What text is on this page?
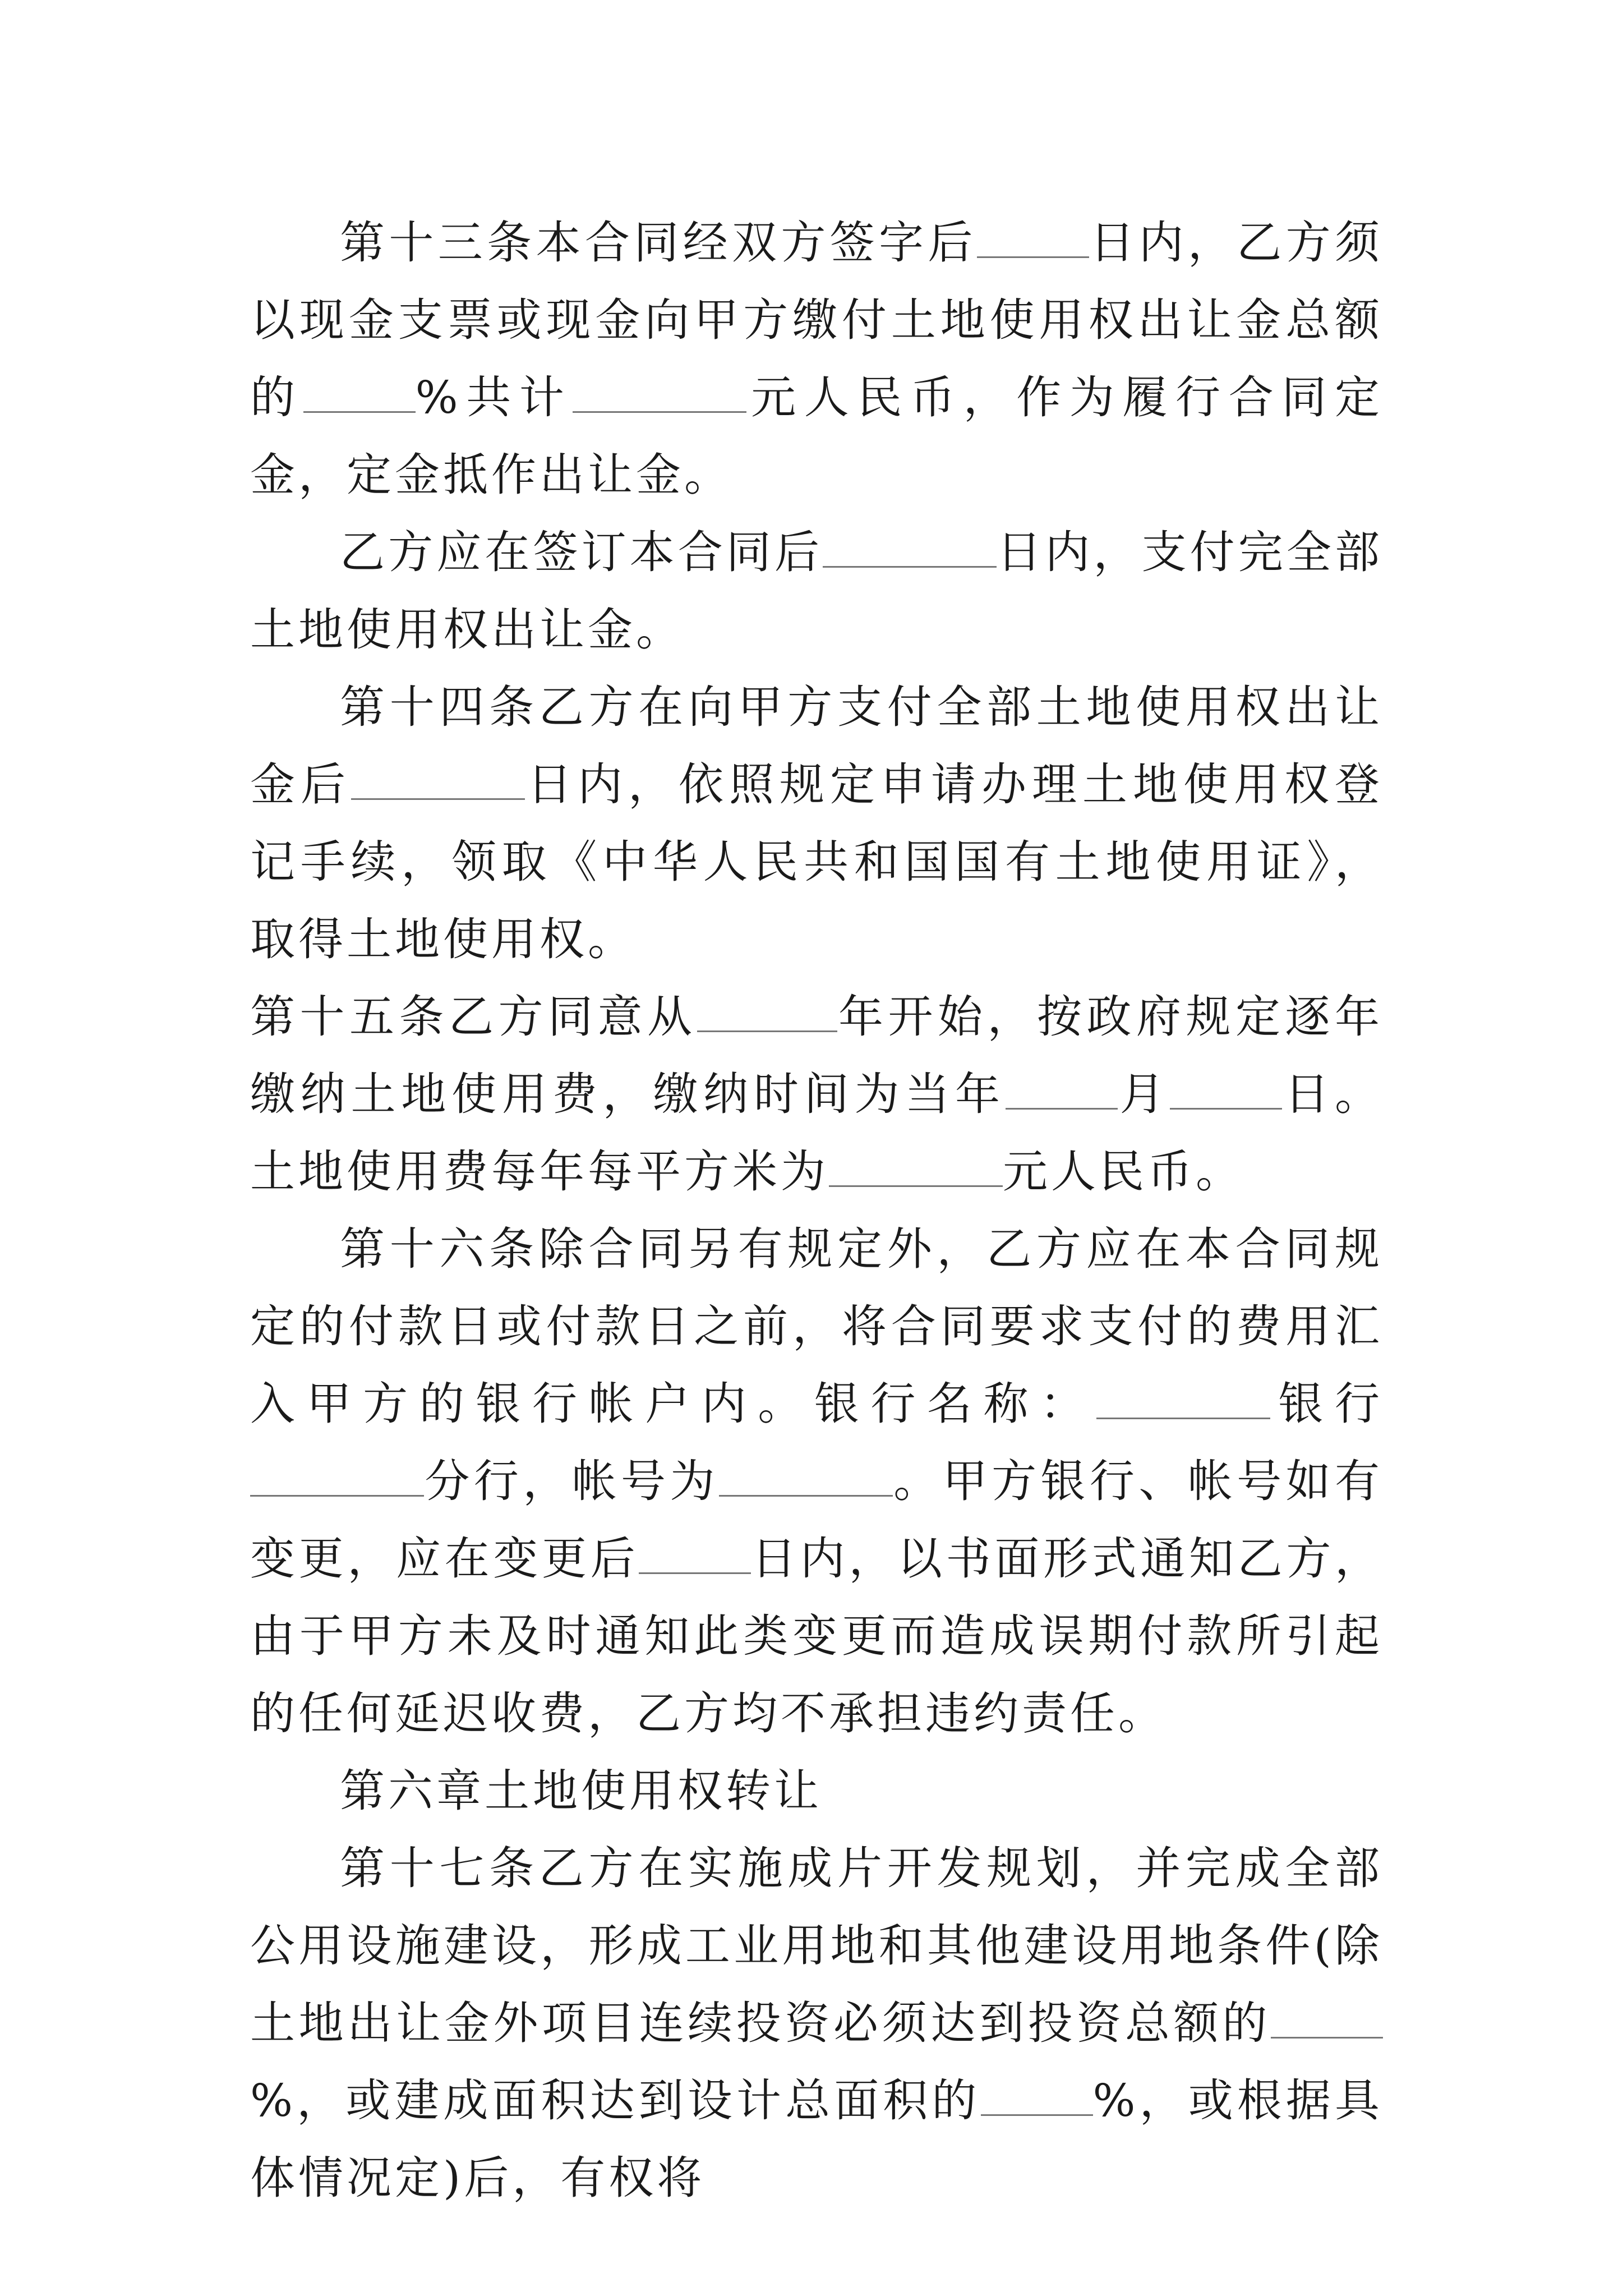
第十三条本合同经双方签字后	日内，乙方须以现金支票或现金向甲方缴付土地使用权出让金总额的	%共计	元人民币，作为履行合同定金，定金抵作出让金。

乙方应在签订本合同后	日内，支付完全部土地使用权出让金。

第十四条乙方在向甲方支付全部土地使用权出让金后	日内，依照规定申请办理土地使用权登记手续，领取《中华人民共和国国有土地使用证》，取得土地使用权。

第十五条乙方同意从	年开始，按政府规定逐年缴纳土地使用费，缴纳时间为当年	月	日。土地使用费每年每平方米为	元人民币。

第十六条除合同另有规定外，乙方应在本合同规定的付款日或付款日之前，将合同要求支付的费用汇入甲方的银行帐户内。银行名称：	银行分行，帐号为	。甲方银行、帐号如有变更，应在变更后	日内，以书面形式通知乙方，由于甲方未及时通知此类变更而造成误期付款所引起的任何延迟收费，乙方均不承担违约责任。

第六章土地使用权转让

第十七条乙方在实施成片开发规划，并完成全部公用设施建设，形成工业用地和其他建设用地条件(除土地出让金外项目连续投资必须达到投资总额的%，或建成面积达到设计总面积的	%，或根据具体情况定)后，有权将
